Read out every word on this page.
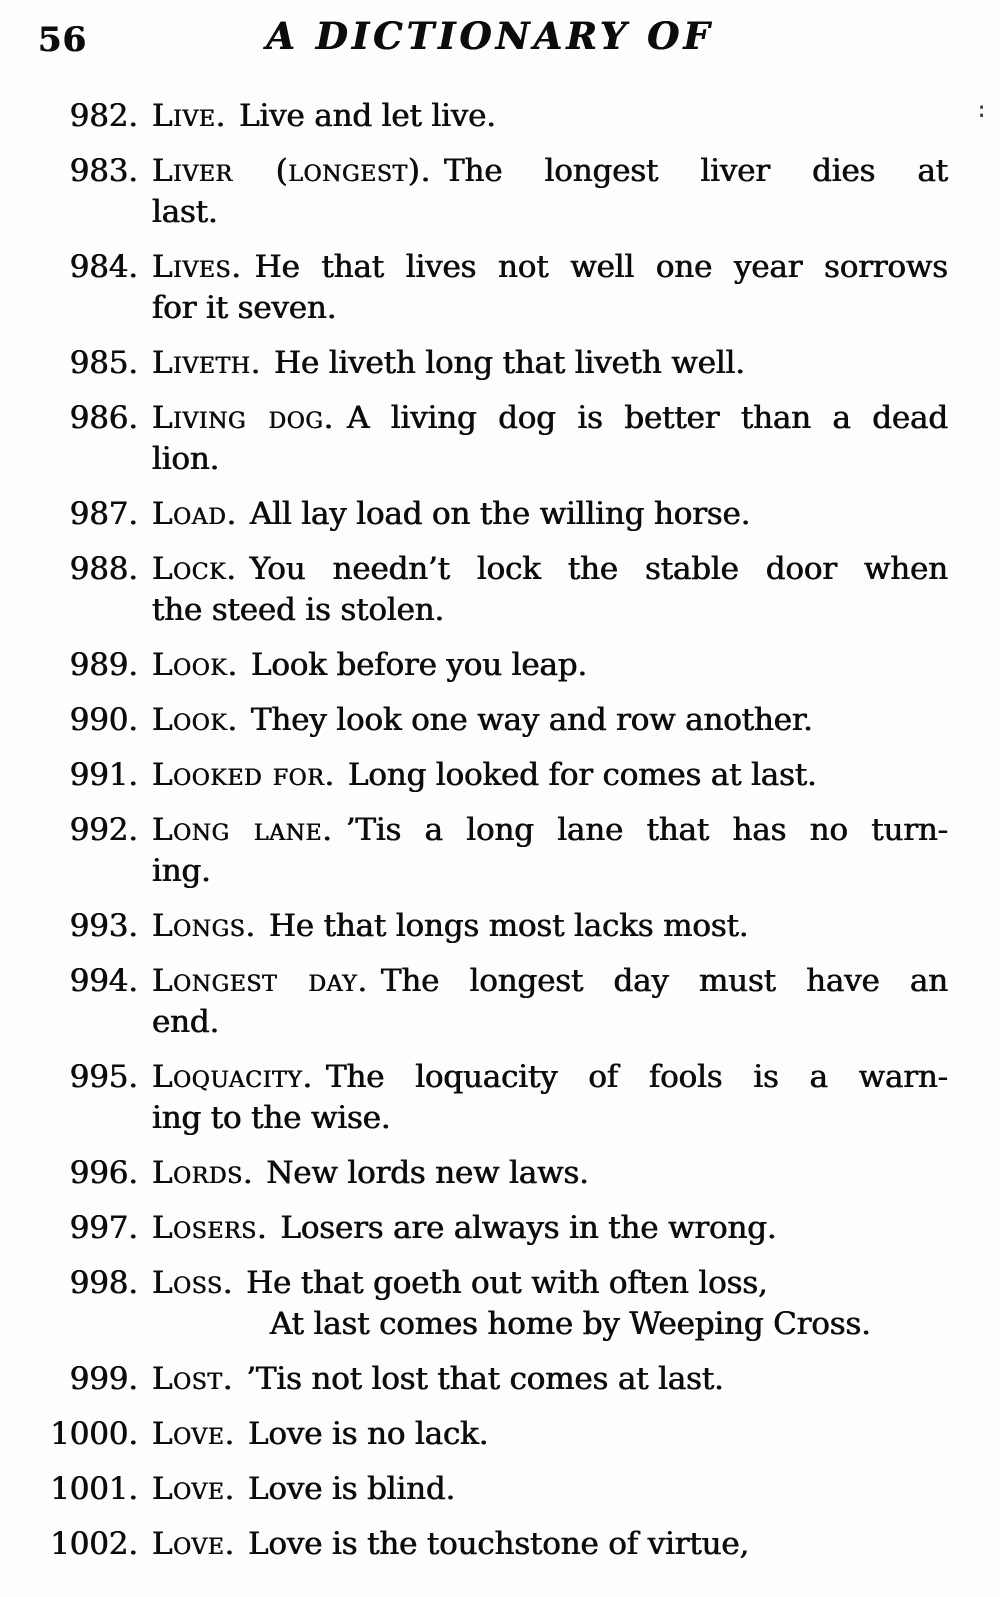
56	A DICTIONARY OF
:
982. Live. Live and let live.
983. Liver (longest). The longest liver dies at
last.
984. Lives. He that lives not well one year sorrows
for it seven.
985. Liveth. He liveth long that liveth well.
986. Living dog. A living dog is better than a dead
lion.
987. Load. All lay load on the willing horse.
988. Lock. You needn’t lock the stable door when
the steed is stolen.
989. Look. Look before you leap.
990. Look. They look one way and row another.
991. Looked for. Long looked for comes at last.
992. Long lane. ’Tis a long lane that has no turn-
ing.
993. Longs. He that longs most lacks most.
994. Longest day. The longest day must have an
end.
995. Loquacity. The loquacity of fools is a warn-
ing to the wise.
996. Lords. New lords new laws.
997. Losers. Losers are always in the wrong.
998. Loss. He that goeth out with often loss,
At last comes home by Weeping Cross.
999. Lost. ’Tis not lost that comes at last.
1000. Love. Love is no lack.
1001. Love. Love is blind.
1002. Love. Love is the touchstone of virtue,
